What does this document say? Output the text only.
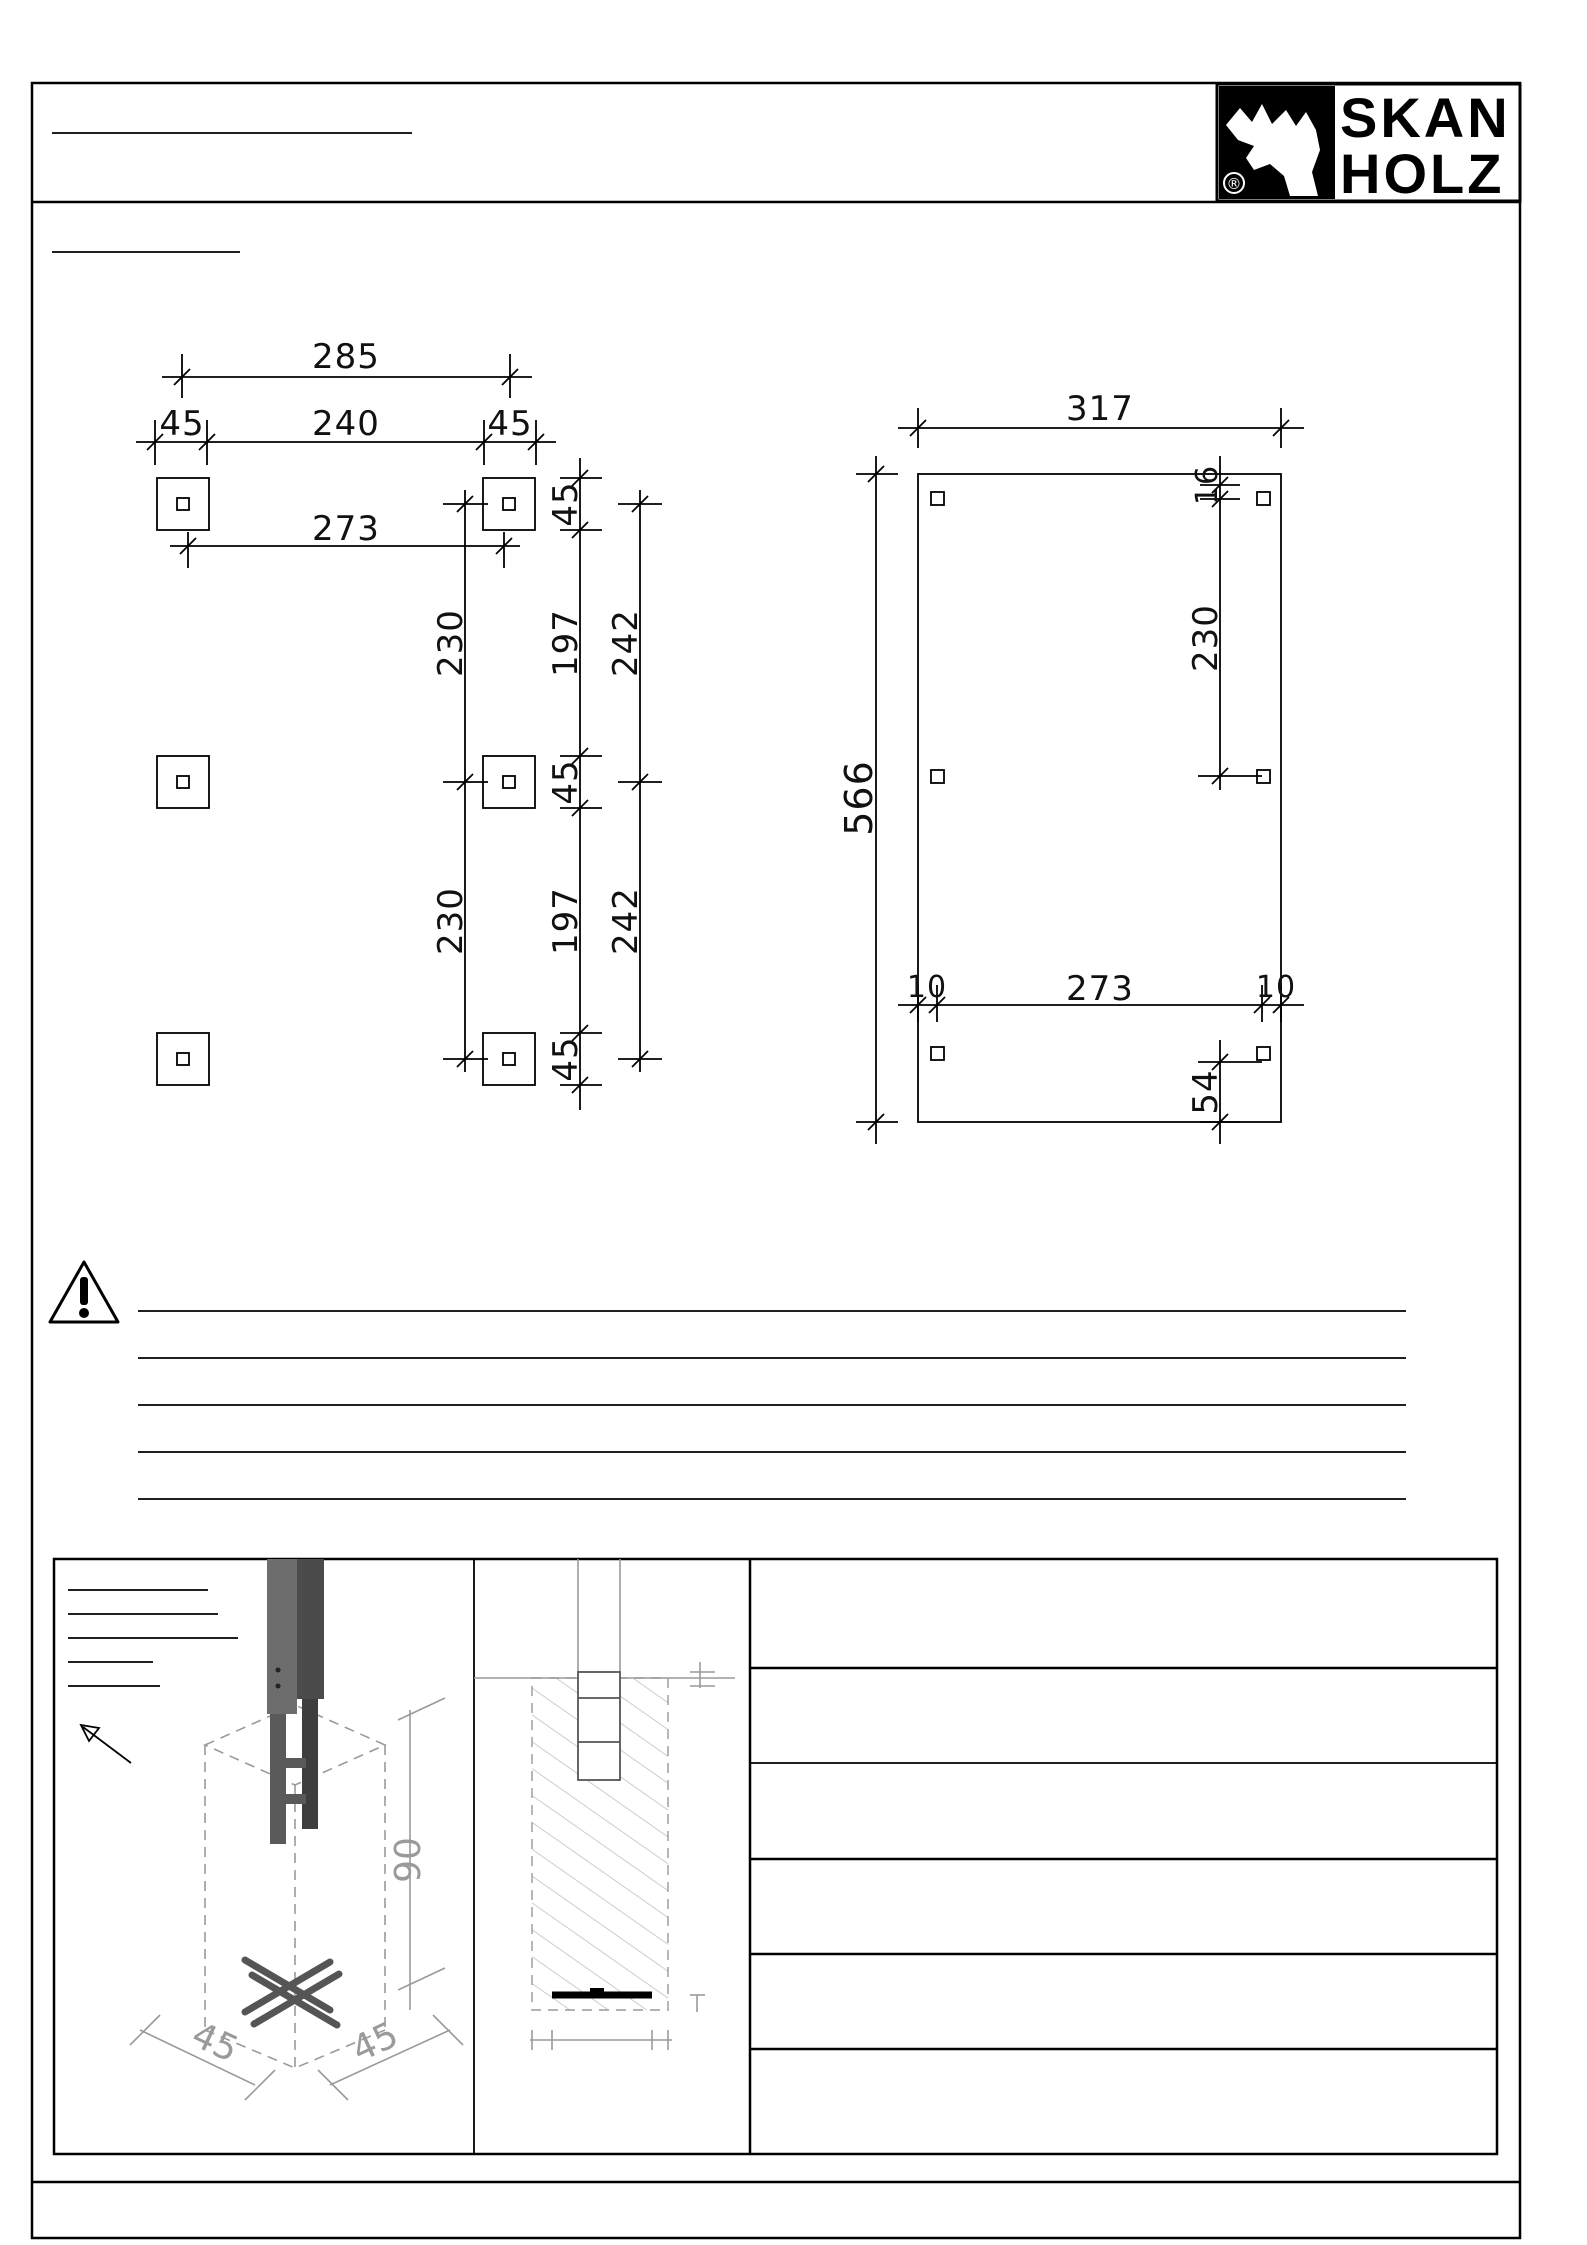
®
SKAN
HOLZ
285
45	240	45
273
230
230
45
197
45
197
45
242
242
317
566
16
230
10	273	10
54
90
45	45
